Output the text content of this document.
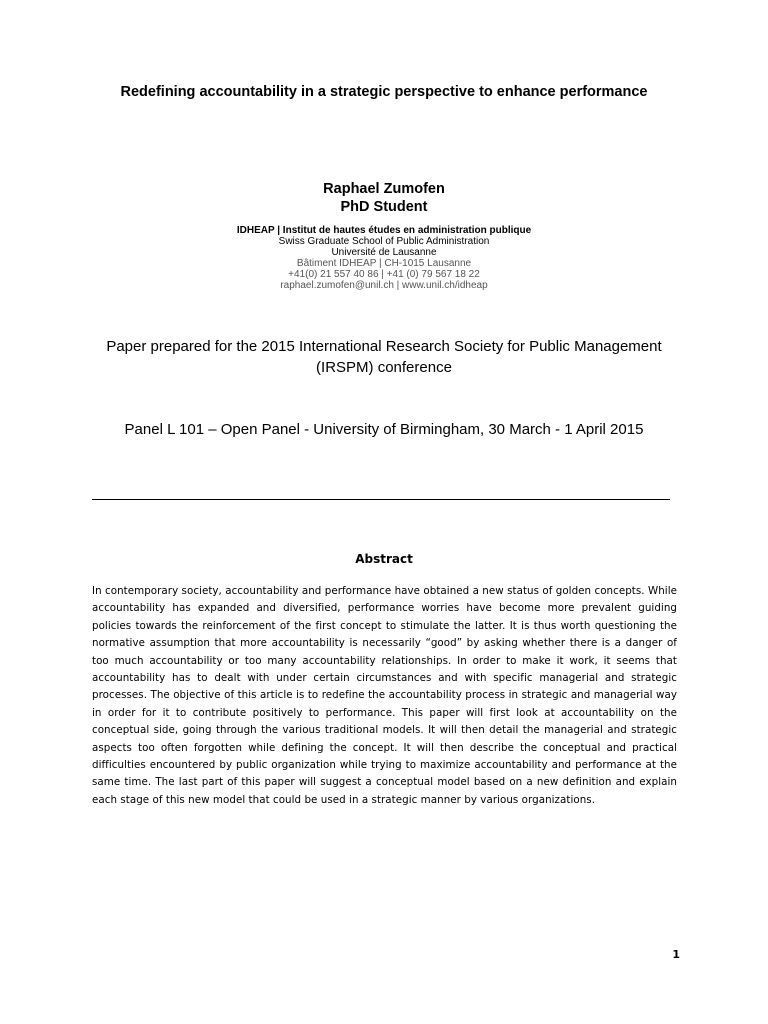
Redefining accountability in a strategic perspective to enhance performance
Raphael Zumofen
PhD Student
IDHEAP | Institut de hautes études en administration publique
Swiss Graduate School of Public Administration
Université de Lausanne
Bâtiment IDHEAP | CH-1015 Lausanne
+41(0) 21 557 40 86 | +41 (0) 79 567 18 22
raphael.zumofen@unil.ch | www.unil.ch/idheap
Paper prepared for the 2015 International Research Society for Public Management (IRSPM) conference
Panel L 101 – Open Panel - University of Birmingham, 30 March - 1 April 2015
Abstract
In contemporary society, accountability and performance have obtained a new status of golden concepts. While accountability has expanded and diversified, performance worries have become more prevalent guiding policies towards the reinforcement of the first concept to stimulate the latter. It is thus worth questioning the normative assumption that more accountability is necessarily “good” by asking whether there is a danger of too much accountability or too many accountability relationships. In order to make it work, it seems that accountability has to dealt with under certain circumstances and with specific managerial and strategic processes. The objective of this article is to redefine the accountability process in strategic and managerial way in order for it to contribute positively to performance. This paper will first look at accountability on the conceptual side, going through the various traditional models. It will then detail the managerial and strategic aspects too often forgotten while defining the concept. It will then describe the conceptual and practical difficulties encountered by public organization while trying to maximize accountability and performance at the same time. The last part of this paper will suggest a conceptual model based on a new definition and explain each stage of this new model that could be used in a strategic manner by various organizations.
1
